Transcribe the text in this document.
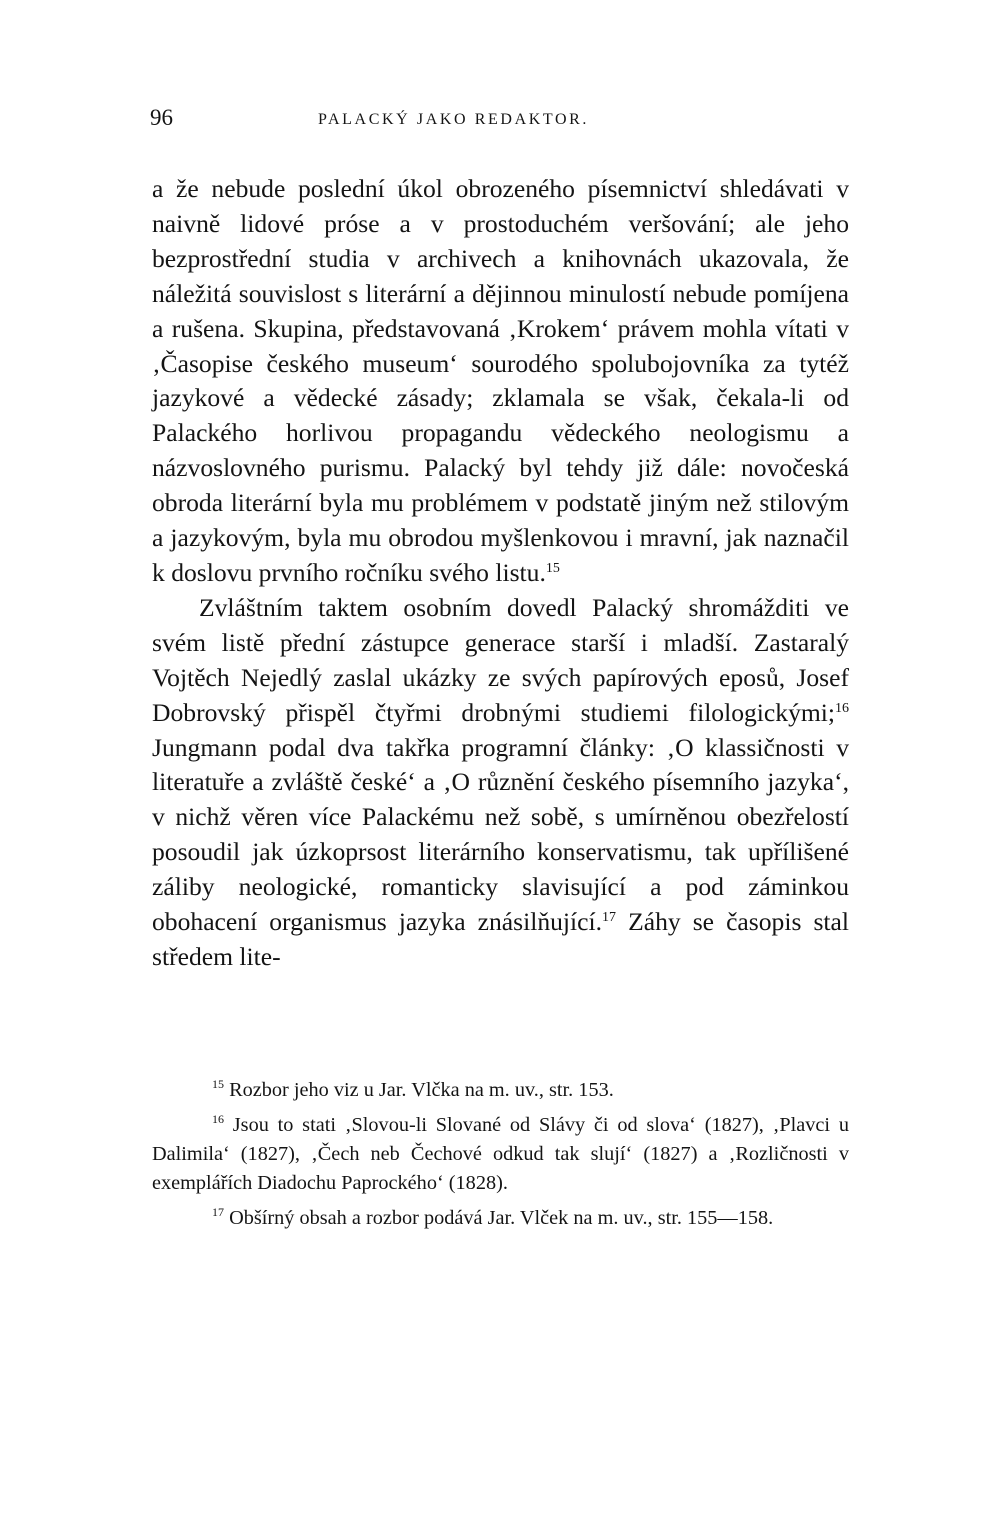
96	PALACKÝ JAKO REDAKTOR.

a že nebude poslední úkol obrozeného písemnictví shledávati v naivně lidové próse a v prostoduchém veršování; ale jeho bezprostřední studia v archivech a knihovnách ukazovala, že náležitá souvislost s literární a dějinnou minulostí nebude pomíjena a rušena. Skupina, představovaná ‚Krokem‘ právem mohla vítati v ‚Časopise českého museum‘ sourodého spolubojovníka za tytéž jazykové a vědecké zásady; zklamala se však, čekala-li od Palackého horlivou propagandu vědeckého neologismu a názvoslovného purismu. Palacký byl tehdy již dále: novočeská obroda literární byla mu problémem v podstatě jiným než stilovým a jazykovým, byla mu obrodou myšlenkovou i mravní, jak naznačil k doslovu prvního ročníku svého listu.$^{15}$

Zvláštním taktem osobním dovedl Palacký shromážditi ve svém listě přední zástupce generace starší i mladší. Zastaralý Vojtěch Nejedlý zaslal ukázky ze svých papírových eposů, Josef Dobrovský přispěl čtyřmi drobnými studiemi filologickými;$^{16}$ Jungmann podal dva takřka programní články: ‚O klassičnosti v literatuře a zvláště české‘ a ‚O různění českého písemního jazyka‘, v nichž věren více Palackému než sobě, s umírněnou obezřelostí posoudil jak úzkoprsost literárního konservatismu, tak upřílišené záliby neologické, romanticky slavisující a pod záminkou obohacení organismus jazyka znásilňující.$^{17}$ Záhy se časopis stal středem lite-

$^{15}$ Rozbor jeho viz u Jar. Vlčka na m. uv., str. 153.

$^{16}$ Jsou to stati ‚Slovou-li Slované od Slávy či od slova‘ (1827), ‚Plavci u Dalimila‘ (1827), ‚Čech neb Čechové odkud tak slují‘ (1827) a ‚Rozličnosti v exemplářích Diadochu Paprockého‘ (1828).

$^{17}$ Obšírný obsah a rozbor podává Jar. Vlček na m. uv., str. 155—158.
